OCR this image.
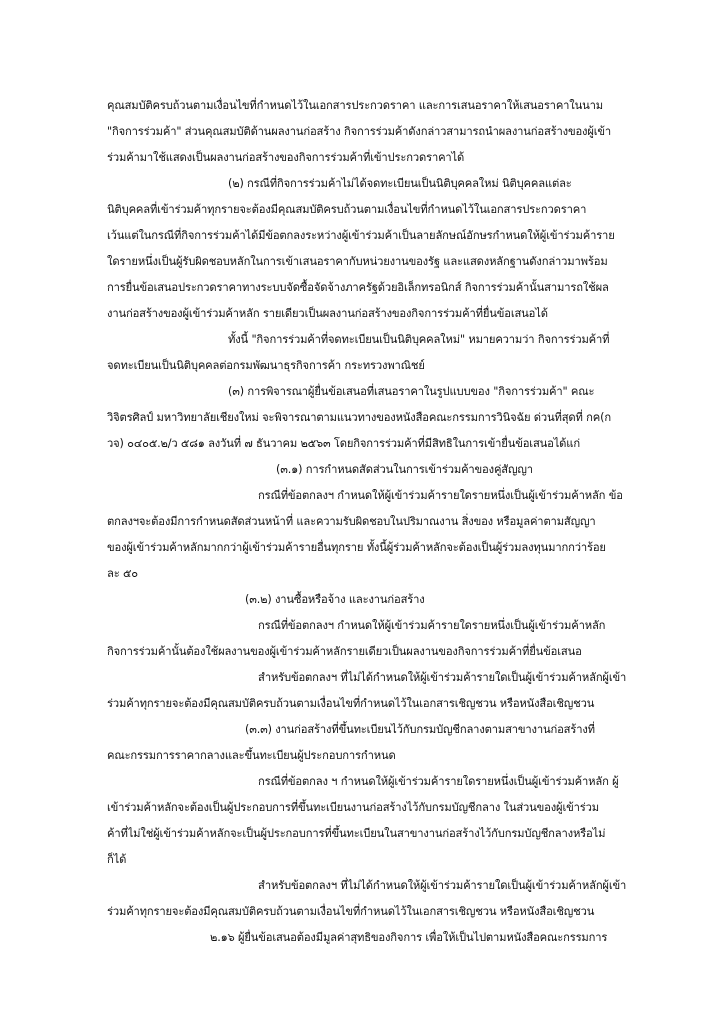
คุณสมบัติครบถ้วนตามเงื่อนไขที่กำหนดไว้ในเอกสารประกวดราคา และการเสนอราคาให้เสนอราคาในนาม
"กิจการร่วมค้า" ส่วนคุณสมบัติด้านผลงานก่อสร้าง กิจการร่วมค้าดังกล่าวสามารถนำผลงานก่อสร้างของผู้เข้า
ร่วมค้ามาใช้แสดงเป็นผลงานก่อสร้างของกิจการร่วมค้าที่เข้าประกวดราคาได้
(๒) กรณีที่กิจการร่วมค้าไม่ได้จดทะเบียนเป็นนิติบุคคลใหม่ นิติบุคคลแต่ละ
นิติบุคคลที่เข้าร่วมค้าทุกรายจะต้องมีคุณสมบัติครบถ้วนตามเงื่อนไขที่กำหนดไว้ในเอกสารประกวดราคา
เว้นแต่ในกรณีที่กิจการร่วมค้าได้มีข้อตกลงระหว่างผู้เข้าร่วมค้าเป็นลายลักษณ์อักษรกำหนดให้ผู้เข้าร่วมค้าราย
ใดรายหนึ่งเป็นผู้รับผิดชอบหลักในการเข้าเสนอราคากับหน่วยงานของรัฐ และแสดงหลักฐานดังกล่าวมาพร้อม
การยื่นข้อเสนอประกวดราคาทางระบบจัดซื้อจัดจ้างภาครัฐด้วยอิเล็กทรอนิกส์ กิจการร่วมค้านั้นสามารถใช้ผล
งานก่อสร้างของผู้เข้าร่วมค้าหลัก รายเดียวเป็นผลงานก่อสร้างของกิจการร่วมค้าที่ยื่นข้อเสนอได้
ทั้งนี้ "กิจการร่วมค้าที่จดทะเบียนเป็นนิติบุคคลใหม่" หมายความว่า กิจการร่วมค้าที่
จดทะเบียนเป็นนิติบุคคลต่อกรมพัฒนาธุรกิจการค้า กระทรวงพาณิชย์
(๓) การพิจารณาผู้ยื่นข้อเสนอที่เสนอราคาในรูปแบบของ "กิจการร่วมค้า" คณะ
วิจิตรศิลป์ มหาวิทยาลัยเชียงใหม่ จะพิจารณาตามแนวทางของหนังสือคณะกรรมการวินิจฉัย ด่วนที่สุดที่ กค(ก
วจ) ๐๔๐๕.๒/ว ๕๘๑ ลงวันที่ ๗ ธันวาคม ๒๕๖๓ โดยกิจการร่วมค้าที่มีสิทธิในการเข้ายื่นข้อเสนอได้แก่
(๓.๑) การกำหนดสัดส่วนในการเข้าร่วมค้าของคู่สัญญา
กรณีที่ข้อตกลงฯ กำหนดให้ผู้เข้าร่วมค้ารายใดรายหนึ่งเป็นผู้เข้าร่วมค้าหลัก ข้อ
ตกลงฯจะต้องมีการกำหนดสัดส่วนหน้าที่ และความรับผิดชอบในปริมาณงาน สิ่งของ หรือมูลค่าตามสัญญา
ของผู้เข้าร่วมค้าหลักมากกว่าผู้เข้าร่วมค้ารายอื่นทุกราย ทั้งนี้ผู้ร่วมค้าหลักจะต้องเป็นผู้ร่วมลงทุนมากกว่าร้อย
ละ ๕๐
(๓.๒) งานซื้อหรือจ้าง และงานก่อสร้าง
กรณีที่ข้อตกลงฯ กำหนดให้ผู้เข้าร่วมค้ารายใดรายหนึ่งเป็นผู้เข้าร่วมค้าหลัก
กิจการร่วมค้านั้นต้องใช้ผลงานของผู้เข้าร่วมค้าหลักรายเดียวเป็นผลงานของกิจการร่วมค้าที่ยื่นข้อเสนอ
สำหรับข้อตกลงฯ ที่ไม่ได้กำหนดให้ผู้เข้าร่วมค้ารายใดเป็นผู้เข้าร่วมค้าหลักผู้เข้า
ร่วมค้าทุกรายจะต้องมีคุณสมบัติครบถ้วนตามเงื่อนไขที่กำหนดไว้ในเอกสารเชิญชวน หรือหนังสือเชิญชวน
(๓.๓) งานก่อสร้างที่ขึ้นทะเบียนไว้กับกรมบัญชีกลางตามสาขางานก่อสร้างที่
คณะกรรมการราคากลางและขึ้นทะเบียนผู้ประกอบการกำหนด
กรณีที่ข้อตกลง ฯ กำหนดให้ผู้เข้าร่วมค้ารายใดรายหนึ่งเป็นผู้เข้าร่วมค้าหลัก ผู้
เข้าร่วมค้าหลักจะต้องเป็นผู้ประกอบการที่ขึ้นทะเบียนงานก่อสร้างไว้กับกรมบัญชีกลาง ในส่วนของผู้เข้าร่วม
ค้าที่ไม่ใช่ผู้เข้าร่วมค้าหลักจะเป็นผู้ประกอบการที่ขึ้นทะเบียนในสาขางานก่อสร้างไว้กับกรมบัญชีกลางหรือไม่
ก็ได้
สำหรับข้อตกลงฯ ที่ไม่ได้กำหนดให้ผู้เข้าร่วมค้ารายใดเป็นผู้เข้าร่วมค้าหลักผู้เข้า
ร่วมค้าทุกรายจะต้องมีคุณสมบัติครบถ้วนตามเงื่อนไขที่กำหนดไว้ในเอกสารเชิญชวน หรือหนังสือเชิญชวน
๒.๑๖ ผู้ยื่นข้อเสนอต้องมีมูลค่าสุทธิของกิจการ เพื่อให้เป็นไปตามหนังสือคณะกรรมการ
